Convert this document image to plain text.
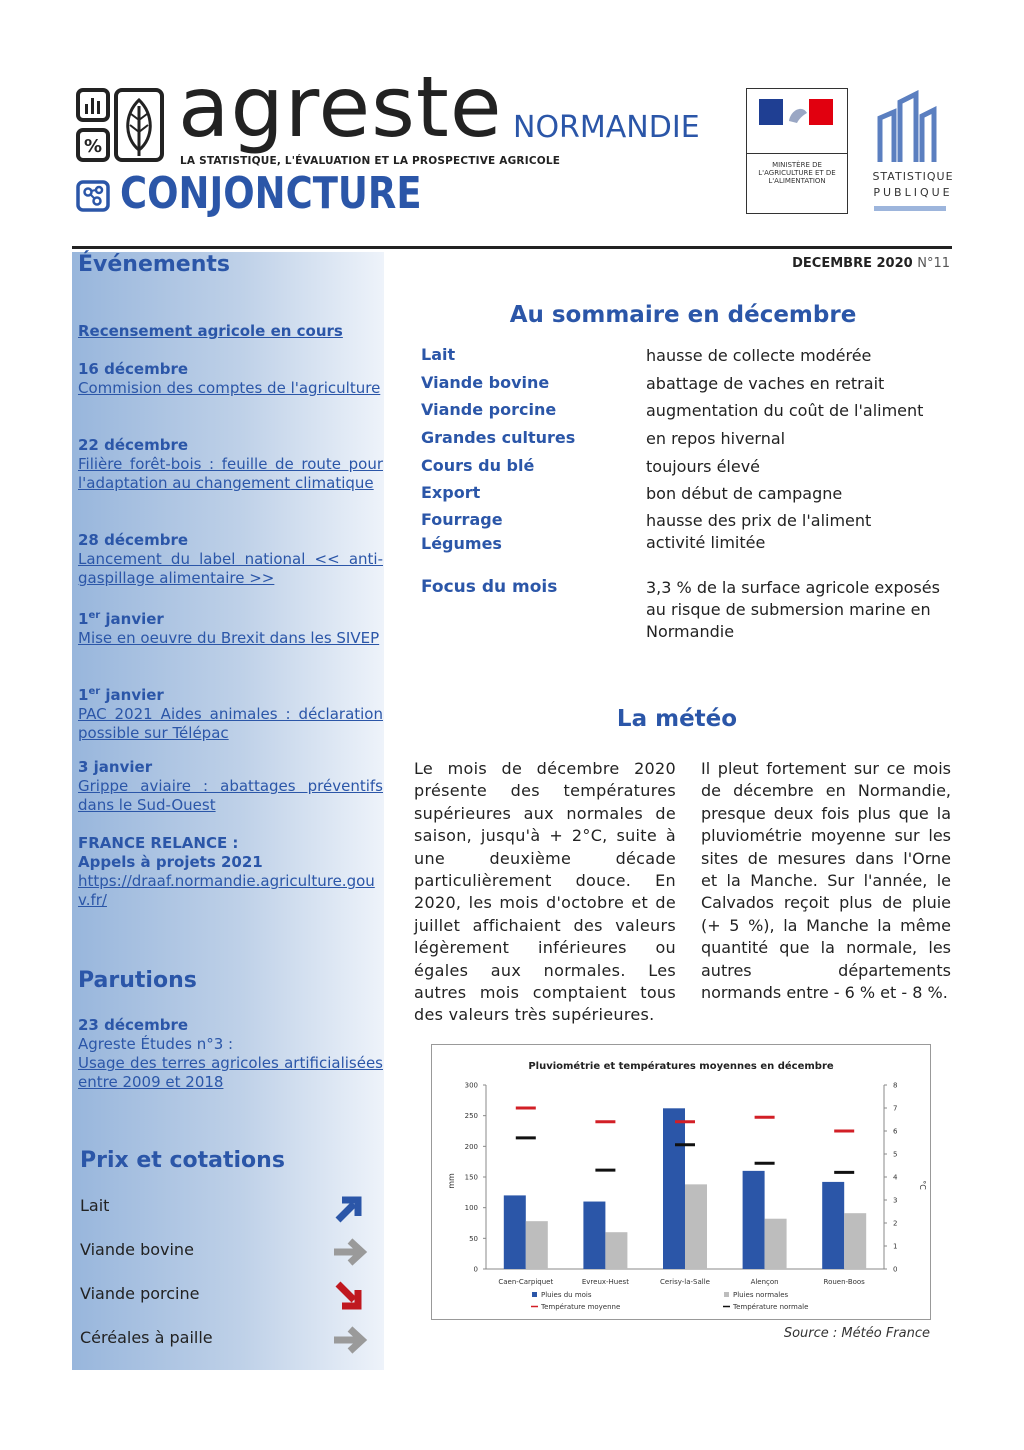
% agreste
LA STATISTIQUE, L'ÉVALUATION ET LA PROSPECTIVE AGRICOLE
CONJONCTURE
NORMANDIE
MINISTÈRE DE L'AGRICULTURE ET DE L'ALIMENTATION	STATISTIQUE
PUBLIQUE
DECEMBRE 2020 N°11
Événements
Recensement agricole en cours
16 décembre
Commision des comptes de l'agriculture
22 décembre
Filière forêt-bois : feuille de route pour l'adaptation au changement climatique
28 décembre
Lancement du label national << anti-gaspillage alimentaire >>
1er janvier
Mise en oeuvre du Brexit dans les SIVEP
1er janvier
PAC 2021 Aides animales : déclaration possible sur Télépac
3 janvier
Grippe aviaire : abattages préventifs dans le Sud-Ouest
FRANCE RELANCE :
Appels à projets 2021
https://draaf.normandie.agriculture.gouv.fr/
Parutions
23 décembre
Agreste Études n°3 :
Usage des terres agricoles artificialisées entre 2009 et 2018
Prix et cotations
Lait
Viande bovine
Viande porcine
Céréales à paille
Au sommaire en décembre
Lait	hausse de collecte modérée
Viande bovine	abattage de vaches en retrait
Viande porcine	augmentation du coût de l'aliment
Grandes cultures	en repos hivernal
Cours du blé	toujours élevé
Export	bon début de campagne
Fourrage	hausse des prix de l'aliment
Légumes	activité limitée
Focus du mois	3,3 % de la surface agricole exposés au risque de submersion marine en Normandie
La météo
Le mois de décembre 2020 présente des températures supérieures aux normales de saison, jusqu'à + 2°C, suite à une deuxième décade particulièrement douce. En 2020, les mois d'octobre et de juillet affichaient des valeurs légèrement inférieures ou égales aux normales. Les autres mois comptaient tous des valeurs très supérieures.
Il pleut fortement sur ce mois de décembre en Normandie, presque deux fois plus que la pluviométrie moyenne sur les sites de mesures dans l'Orne et la Manche. Sur l'année, le Calvados reçoit plus de pluie (+ 5 %), la Manche la même quantité que la normale, les autres départements normands entre - 6 % et - 8 %.
Pluviométrie et températures moyennes en décembre
mm	°C
0
50
100
150
200
250
300
0
1
2
3
4
5
6
7
8
Caen-Carpiquet	Evreux-Huest	Cerisy-la-Salle	Alençon	Rouen-Boos
Pluies du mois	Pluies normales
Température moyenne	Température normale
Source : Météo France
